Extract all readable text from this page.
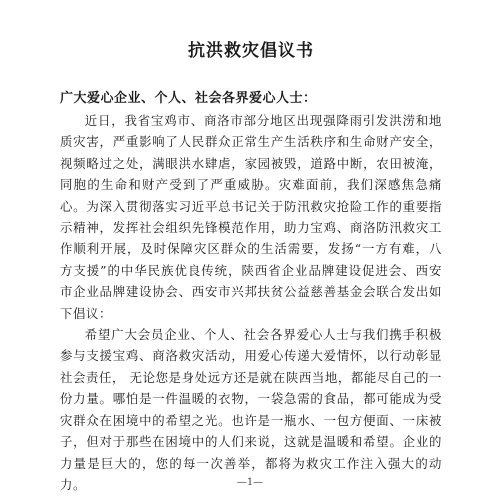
抗洪救灾倡议书

广大爱心企业、个人、社会各界爱心人士：

近日，我省宝鸡市、商洛市部分地区出现强降雨引发洪涝和地质灾害，严重影响了人民群众正常生产生活秩序和生命财产安全，视频略过之处，满眼洪水肆虐，家园被毁，道路中断，农田被淹，同胞的生命和财产受到了严重威胁。灾难面前，我们深感焦急痛心。为深入贯彻落实习近平总书记关于防汛救灾抢险工作的重要指示精神，发挥社会组织先锋模范作用，助力宝鸡、商洛防汛救灾工作顺利开展，及时保障灾区群众的生活需要，发扬“一方有难，八方支援”的中华民族优良传统，陕西省企业品牌建设促进会、西安市企业品牌建设协会、西安市兴邦扶贫公益慈善基金会联合发出如下倡议：

希望广大会员企业、个人、社会各界爱心人士与我们携手积极参与支援宝鸡、商洛救灾活动，用爱心传递大爱情怀，以行动彰显社会责任， 无论您是身处远方还是就在陕西当地，都能尽自己的一份力量。哪怕是一件温暖的衣物，一袋急需的食品，都可能成为受灾群众在困境中的希望之光。也许是一瓶水、一包方便面、一床被子，但对于那些在困境中的人们来说，这就是温暖和希望。企业的力量是巨大的，您的每一次善举，都将为救灾工作注入强大的动力。	—1—
